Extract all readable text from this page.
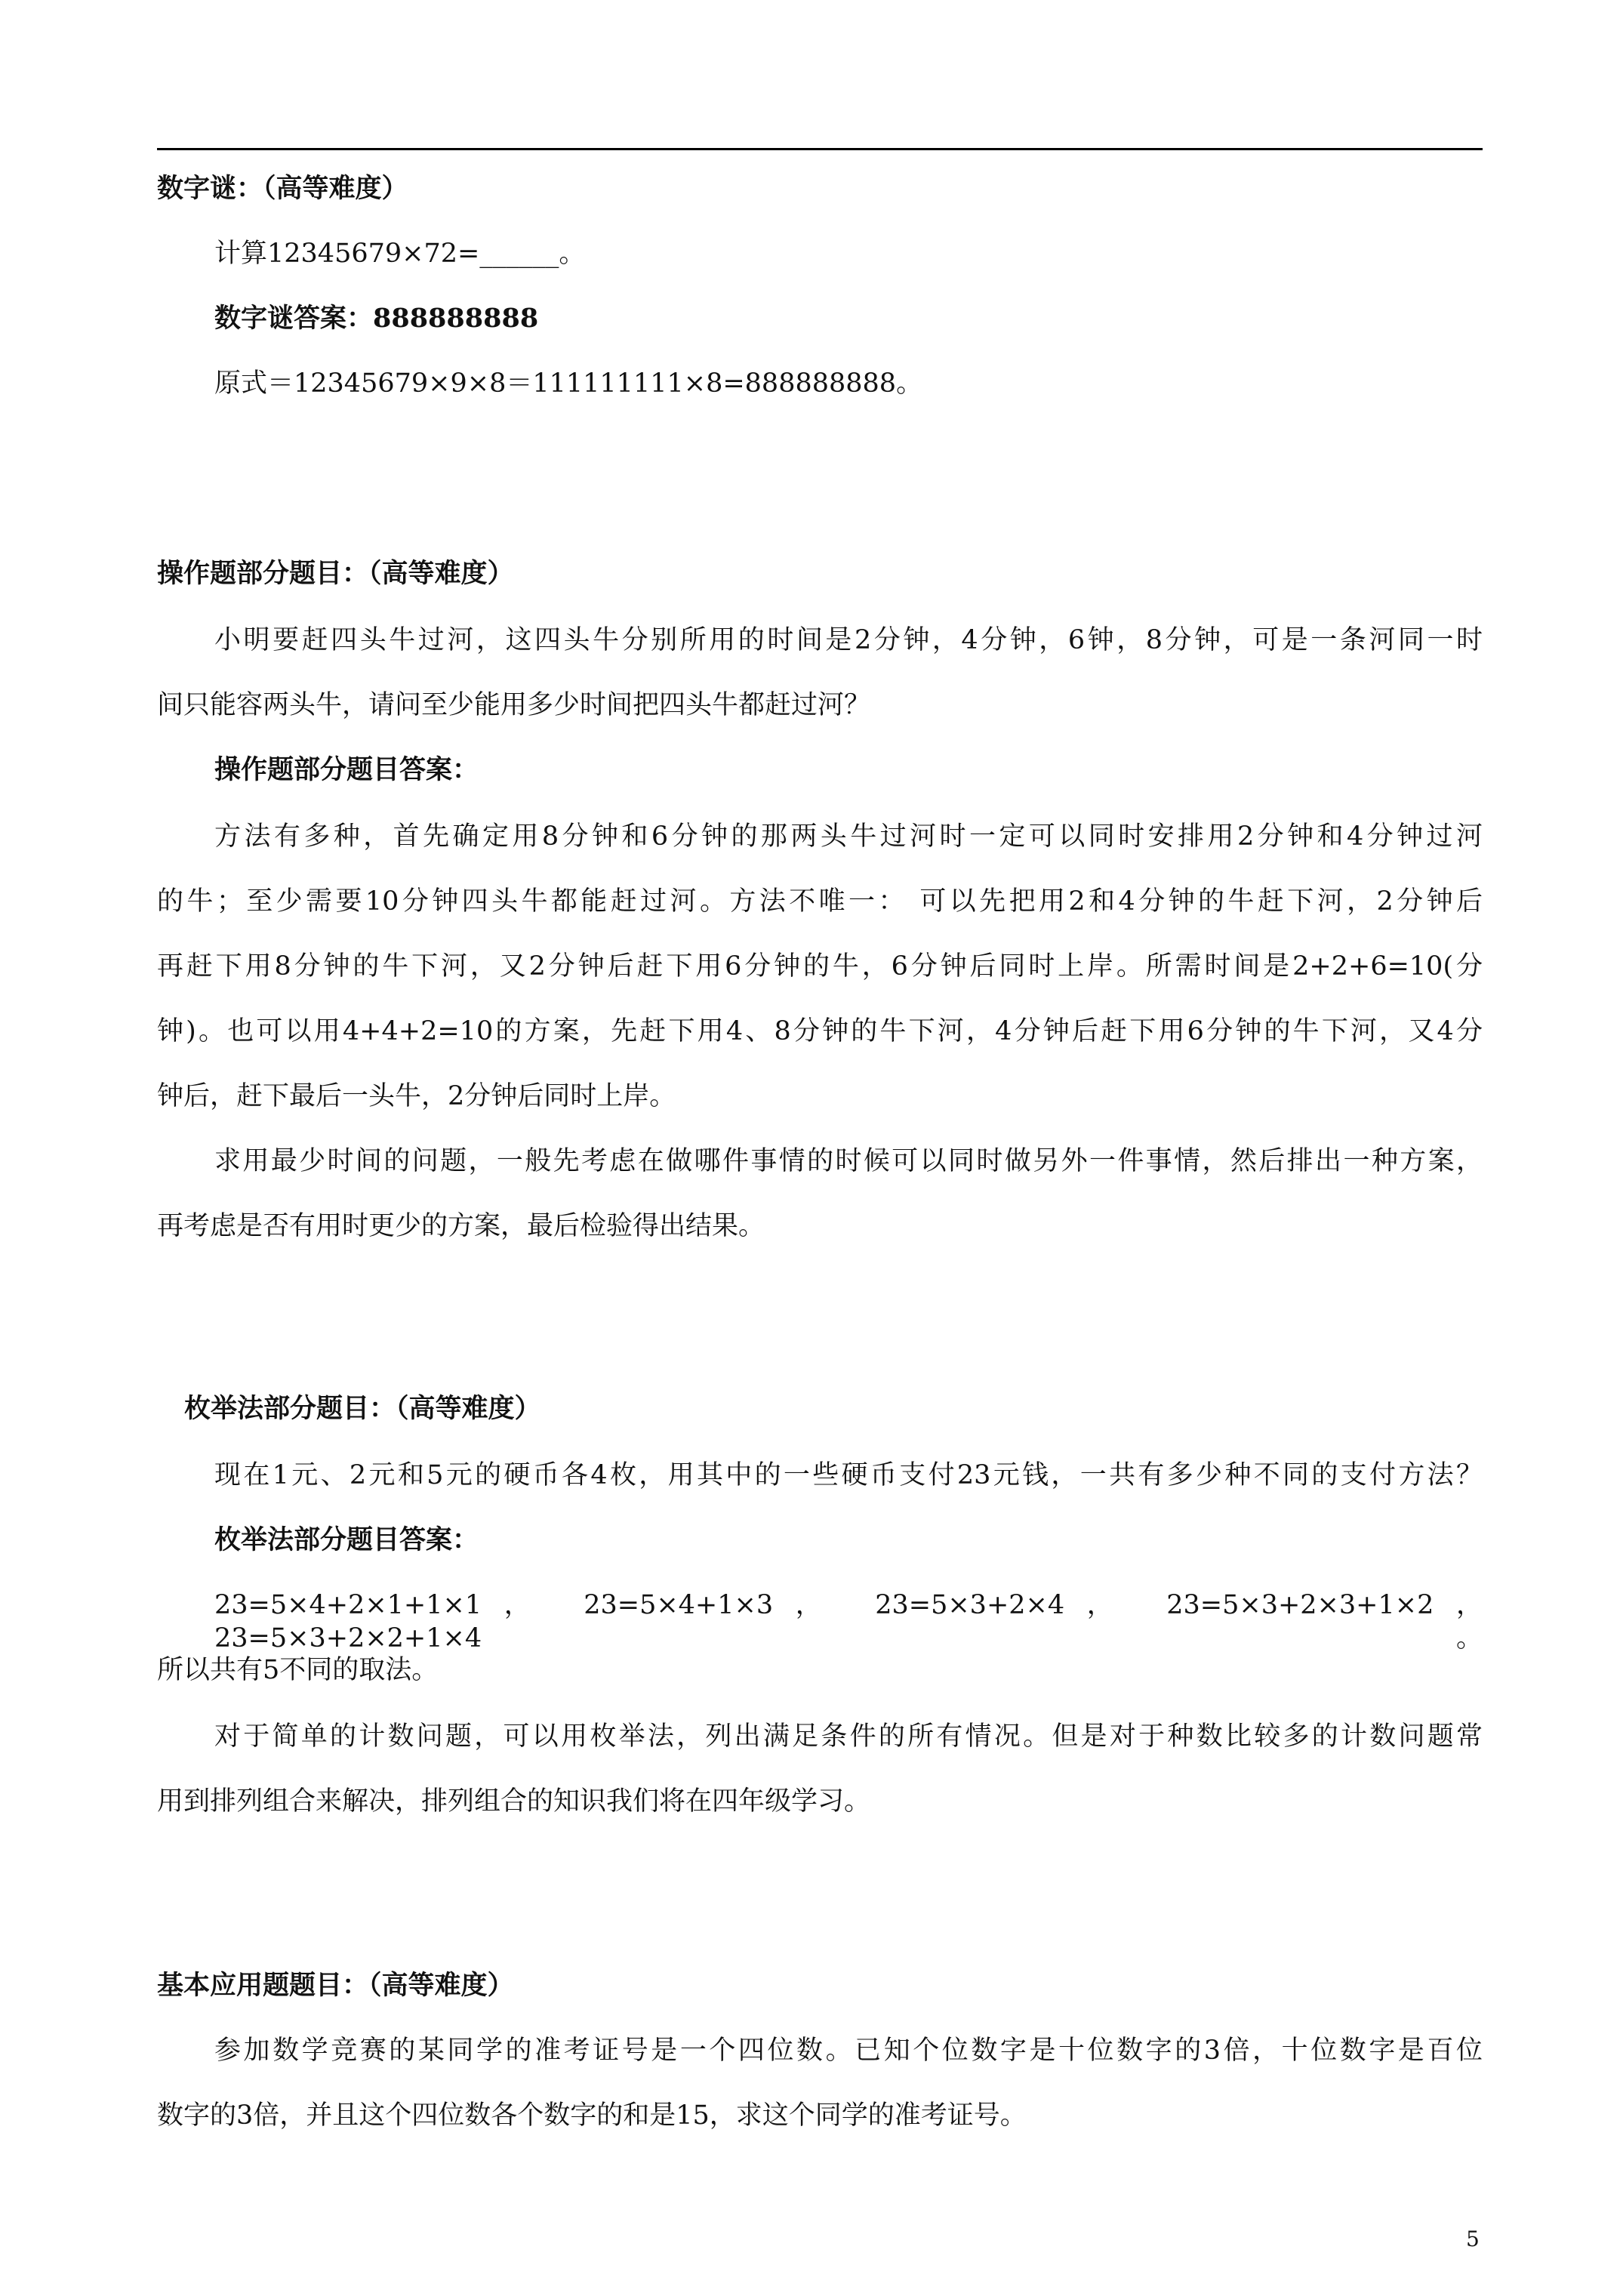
数字谜：（高等难度）
计算12345679×72=______。
数字谜答案：888888888
原式＝12345679×9×8＝111111111×8=888888888。
操作题部分题目：（高等难度）
小明要赶四头牛过河，这四头牛分别所用的时间是2分钟，4分钟，6钟，8分钟，可是一条河同一时
间只能容两头牛，请问至少能用多少时间把四头牛都赶过河？
操作题部分题目答案：
方法有多种，首先确定用8分钟和6分钟的那两头牛过河时一定可以同时安排用2分钟和4分钟过河
的牛；至少需要10分钟四头牛都能赶过河。方法不唯一： 可以先把用2和4分钟的牛赶下河，2分钟后
再赶下用8分钟的牛下河，又2分钟后赶下用6分钟的牛，6分钟后同时上岸。所需时间是2+2+6=10(分
钟)。也可以用4+4+2=10的方案，先赶下用4、8分钟的牛下河，4分钟后赶下用6分钟的牛下河，又4分
钟后，赶下最后一头牛，2分钟后同时上岸。
求用最少时间的问题，一般先考虑在做哪件事情的时候可以同时做另外一件事情，然后排出一种方案，
再考虑是否有用时更少的方案，最后检验得出结果。
枚举法部分题目：（高等难度）
现在1元、2元和5元的硬币各4枚，用其中的一些硬币支付23元钱，一共有多少种不同的支付方法？
枚举法部分题目答案：
23=5×4+2×1+1×1， 23=5×4+1×3， 23=5×3+2×4， 23=5×3+2×3+1×2， 23=5×3+2×2+1×4。
所以共有5不同的取法。
对于简单的计数问题，可以用枚举法，列出满足条件的所有情况。但是对于种数比较多的计数问题常
用到排列组合来解决，排列组合的知识我们将在四年级学习。
基本应用题题目：（高等难度）
参加数学竞赛的某同学的准考证号是一个四位数。已知个位数字是十位数字的3倍，十位数字是百位
数字的3倍，并且这个四位数各个数字的和是15，求这个同学的准考证号。
5
